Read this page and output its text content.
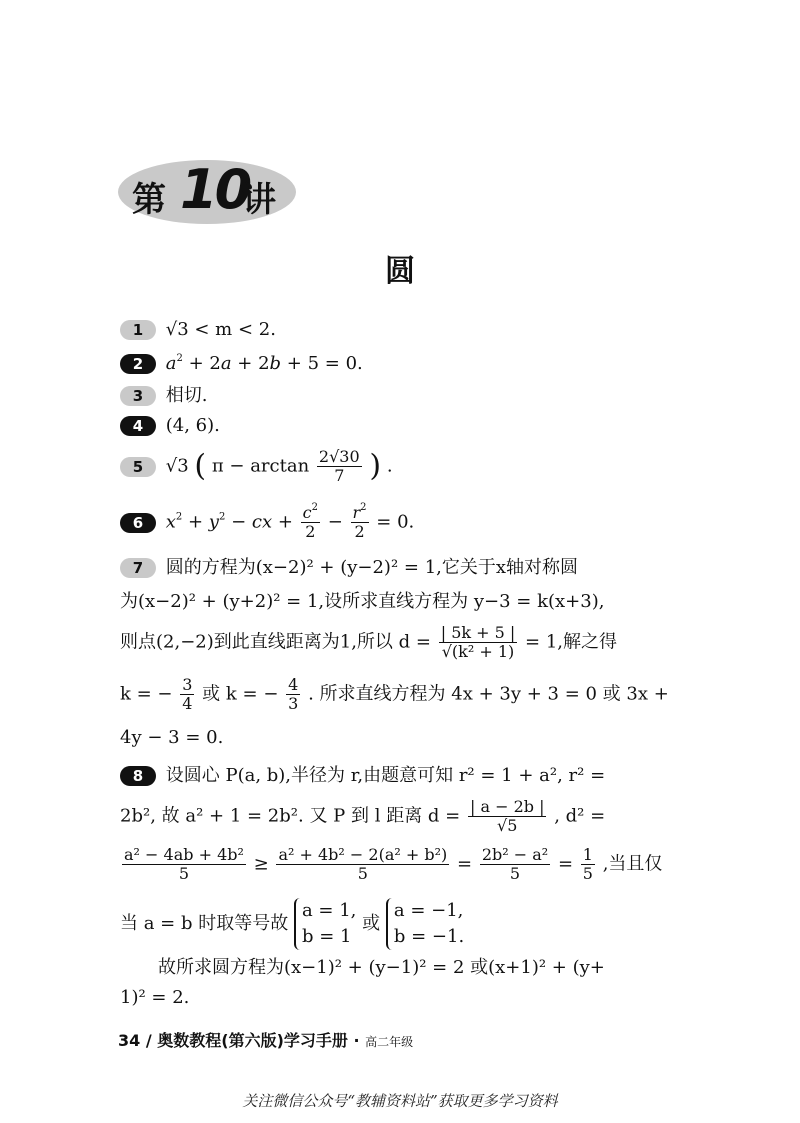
第 10
讲
圆
1 √3 < m < 2.
2 $a^2 + 2a + 2b + 5 = 0$.
3 相切.
4 (4, 6).
5 √3 ( $\pi - \arctan \frac{2√30}{7}$ ) .
6 $x^2 + y^2$ − cx + $\frac{c^2}{2} - \frac{r^2}{2} = 0$.
7 圆的方程为(x−2)² + (y−2)² = 1,它关于x轴对称圆
为(x−2)² + (y+2)² = 1,设所求直线方程为 y−3 = k(x+3),
则点(2,−2)到此直线距离为1,所以 $d = \frac{| 5k + 5 |}{\text{√(k² + 1)}} = 1$,解之得
k = − $\frac{3}{4}$ 或 k = − $\frac{4}{3}$ . 所求直线方程为 4x + 3y + 3 = 0 或 3x +
4y − 3 = 0.
8 设圆心 P(a, b),半径为 r,由题意可知 r² = 1 + a², r² =
2b², 故 a² + 1 = 2b². 又 P 到 l 距离 $d = \frac{| a - 2b |}{√5}$ , d² =
$\frac{\text{a² − 4ab + 4b²}}{5} \ge \frac{\text{a² + 4b² − 2(a² + b²)}}{5} = \frac{\text{2b² − a²}}{5} = \frac{1}{5}$ ,当且仅
当 a = b 时取等号故
a = 1,
b = 1
或
a = −1,
b = −1.
故所求圆方程为(x−1)² + (y−1)² = 2 或(x+1)² + (y+
1)² = 2.
34 / 奥数教程(第六版)学习手册 · 高二年级
关注微信公众号“教辅资料站”获取更多学习资料
